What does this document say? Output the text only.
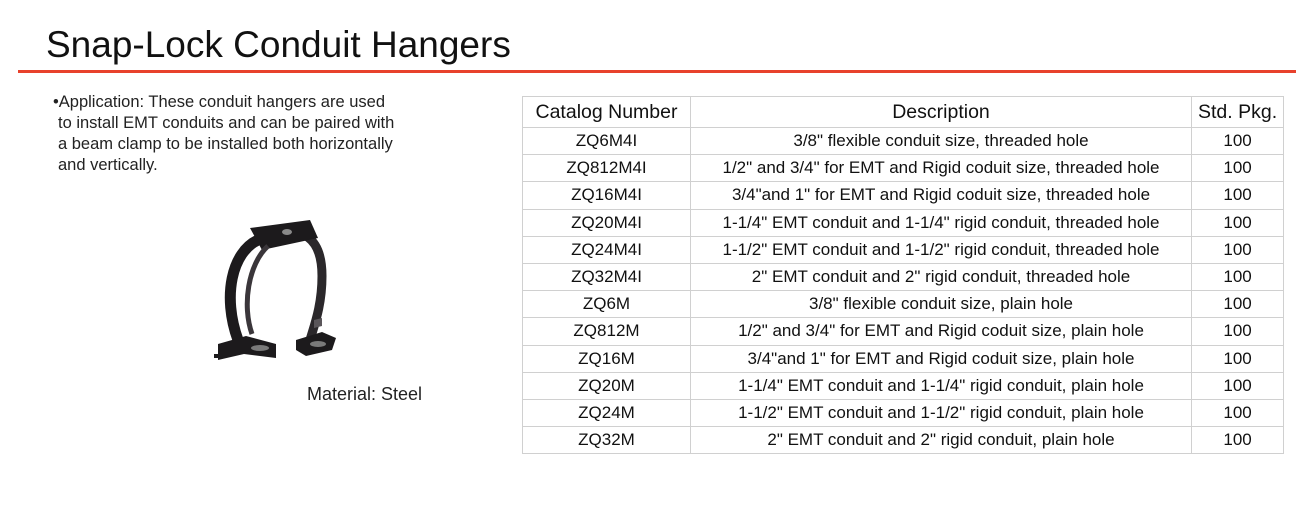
Snap-Lock Conduit Hangers
•Application: These conduit hangers are used
to install EMT conduits and can be paired with
a beam clamp to be installed both horizontally
and vertically.
Material: Steel
Catalog Number	Description	Std. Pkg.
ZQ6M4I	3/8" flexible conduit size, threaded hole	100
ZQ812M4I	1/2" and 3/4" for EMT and Rigid coduit size, threaded hole	100
ZQ16M4I	3/4"and 1" for EMT and Rigid coduit size, threaded hole	100
ZQ20M4I	1-1/4" EMT conduit and 1-1/4" rigid conduit, threaded hole	100
ZQ24M4I	1-1/2" EMT conduit and 1-1/2" rigid conduit, threaded hole	100
ZQ32M4I	2" EMT conduit and 2" rigid conduit, threaded hole	100
ZQ6M	3/8" flexible conduit size, plain hole	100
ZQ812M	1/2" and 3/4" for EMT and Rigid coduit size, plain hole	100
ZQ16M	3/4"and 1" for EMT and Rigid coduit size, plain hole	100
ZQ20M	1-1/4" EMT conduit and 1-1/4" rigid conduit, plain hole	100
ZQ24M	1-1/2" EMT conduit and 1-1/2" rigid conduit, plain hole	100
ZQ32M	2" EMT conduit and 2" rigid conduit, plain hole	100
